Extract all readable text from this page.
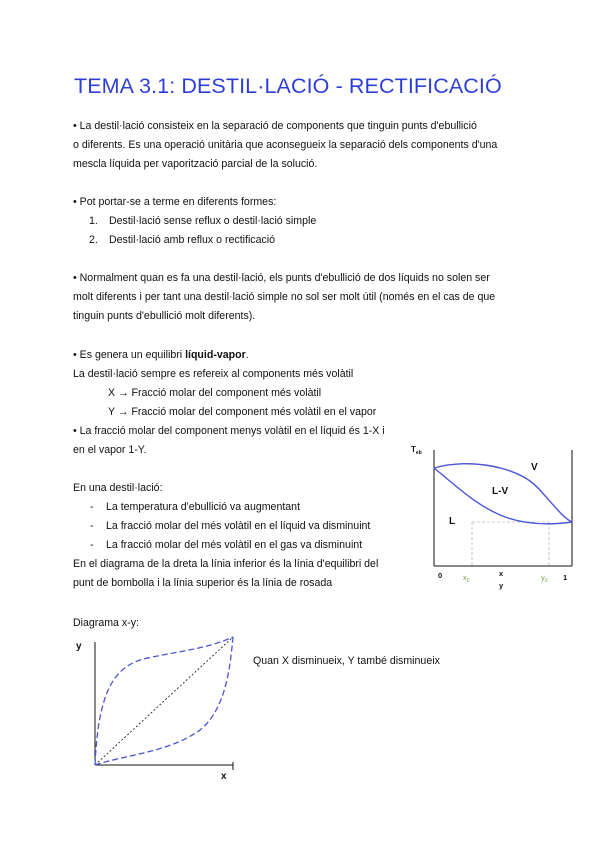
TEMA 3.1: DESTIL·LACIÓ - RECTIFICACIÓ
• La destil·lació consisteix en la separació de components que tinguin punts d'ebullició
o diferents. Es una operació unitària que aconsegueix la separació dels components d'una
mescla líquida per vaporització parcial de la solució.
• Pot portar-se a terme en diferents formes:
1. Destil·lació sense reflux o destil·lació simple
2. Destil·lació amb reflux o rectificació
• Normalment quan es fa una destil·lació, els punts d'ebullició de dos líquids no solen ser
molt diferents i per tant una destil·lació simple no sol ser molt útil (només en el cas de que
tinguin punts d'ebullició molt diferents).
• Es genera un equilibri líquid-vapor.
La destil·lació sempre es refereix al components més volàtil
X → Fracció molar del component més volàtil
Y → Fracció molar del component més volàtil en el vapor
• La fracció molar del component menys volàtil en el líquid és 1-X i
en el vapor 1-Y.
En una destil·lació:
- La temperatura d'ebullició va augmentant
- La fracció molar del més volàtil en el líquid va disminuint
- La fracció molar del més volàtil en el gas va disminuint
En el diagrama de la dreta la línia inferior és la línia d'equilibri del
punt de bombolla i la línia superior és la línia de rosada
$T_{eb}$
V
L-V
L
0	1
x
y
$x_0$	$y_0$
Diagrama x-y:
y
x
Quan X disminueix, Y també disminueix
